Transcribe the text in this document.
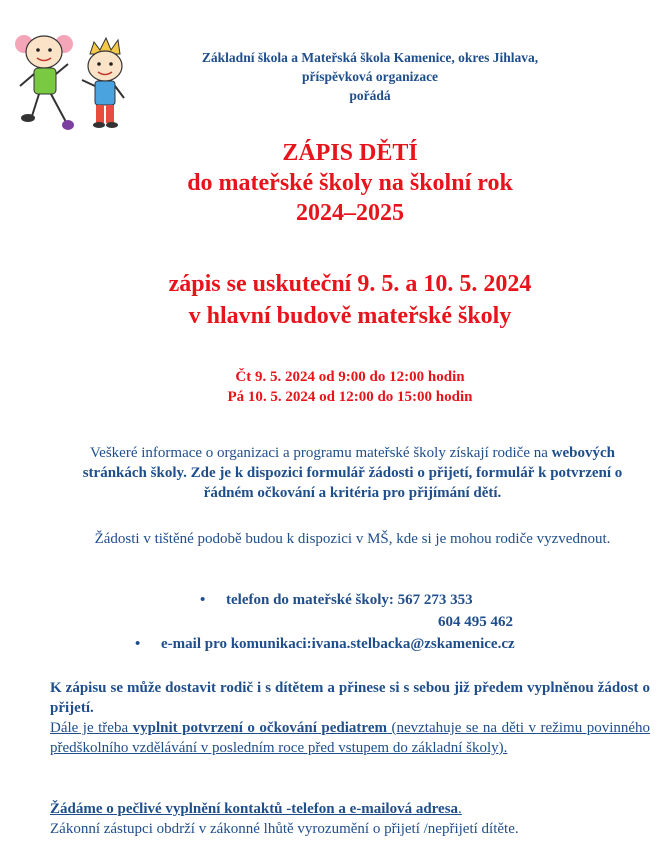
Základní škola a Mateřská škola Kamenice, okres Jihlava,
příspěvková organizace
pořádá
ZÁPIS DĚTÍ
do mateřské školy na školní rok
2024–2025
zápis se uskuteční 9. 5. a 10. 5. 2024
v hlavní budově mateřské školy
Čt 9. 5. 2024 od 9:00 do 12:00 hodin
Pá 10. 5. 2024 od 12:00 do 15:00 hodin
Veškeré informace o organizaci a programu mateřské školy získají rodiče na webových stránkách školy. Zde je k dispozici formulář žádosti o přijetí, formulář k potvrzení o řádném očkování a kritéria pro přijímání dětí.
Žádosti v tištěné podobě budou k dispozici v MŠ, kde si je mohou rodiče vyzvednout.
• telefon do mateřské školy: 567 273 353
604 495 462
• e-mail pro komunikaci:ivana.stelbacka@zskamenice.cz
K zápisu se může dostavit rodič i s dítětem a přinese si s sebou již předem vyplněnou žádost o přijetí.
Dále je třeba vyplnit potvrzení o očkování pediatrem (nevztahuje se na děti v režimu povinného předškolního vzdělávání v posledním roce před vstupem do základní školy).
Žádáme o pečlivé vyplnění kontaktů -telefon a e-mailová adresa.
Zákonní zástupci obdrží v zákonné lhůtě vyrozumění o přijetí /nepřijetí dítěte.
